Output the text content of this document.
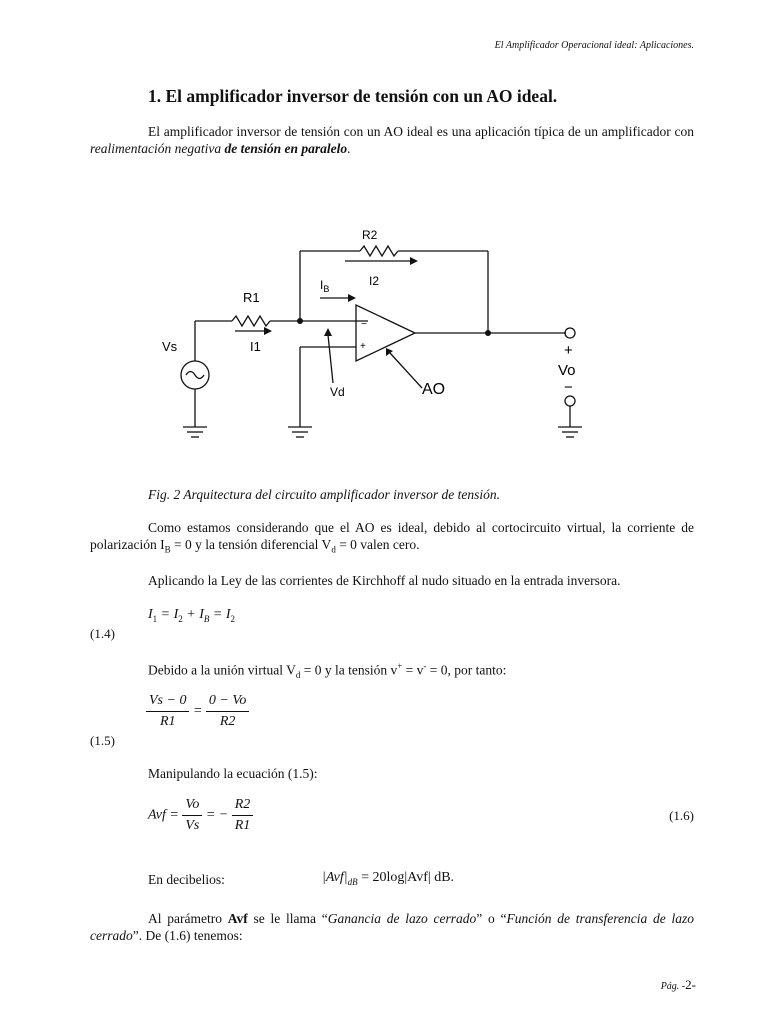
El Amplificador Operacional ideal: Aplicaciones.
1. El amplificador inversor de tensión con un AO ideal.
El amplificador inversor de tensión con un AO ideal es una aplicación típica de un amplificador con realimentación negativa de tensión en paralelo.
R2
I2
$I_B$
R1
I1
Vs
Vd	AO
−
+	+
Vo
−
Fig. 2 Arquitectura del circuito amplificador inversor de tensión.
Como estamos considerando que el AO es ideal, debido al cortocircuito virtual, la corriente de polarización $I_B = 0$ y la tensión diferencial $V_d = 0$ valen cero.
Aplicando la Ley de las corrientes de Kirchhoff al nudo situado en la entrada inversora.
$I_1 = I_2 + I_B = I_2$
(1.4)
Debido a la unión virtual $V_d = 0$ y la tensión v+ = v- = 0, por tanto:
$\frac{Vs - 0}{R1} = \frac{0 - Vo}{R2}$
(1.5)
Manipulando la ecuación (1.5):
Avf = $\frac{Vo}{Vs}$ = − $\frac{R2}{R1}$	(1.6)
En decibelios:	$|Avf|_{dB} = 20\log|Avf|$ dB.
Al parámetro Avf se le llama “Ganancia de lazo cerrado” o “Función de transferencia de lazo cerrado”. De (1.6) tenemos:
Pág. -2-
